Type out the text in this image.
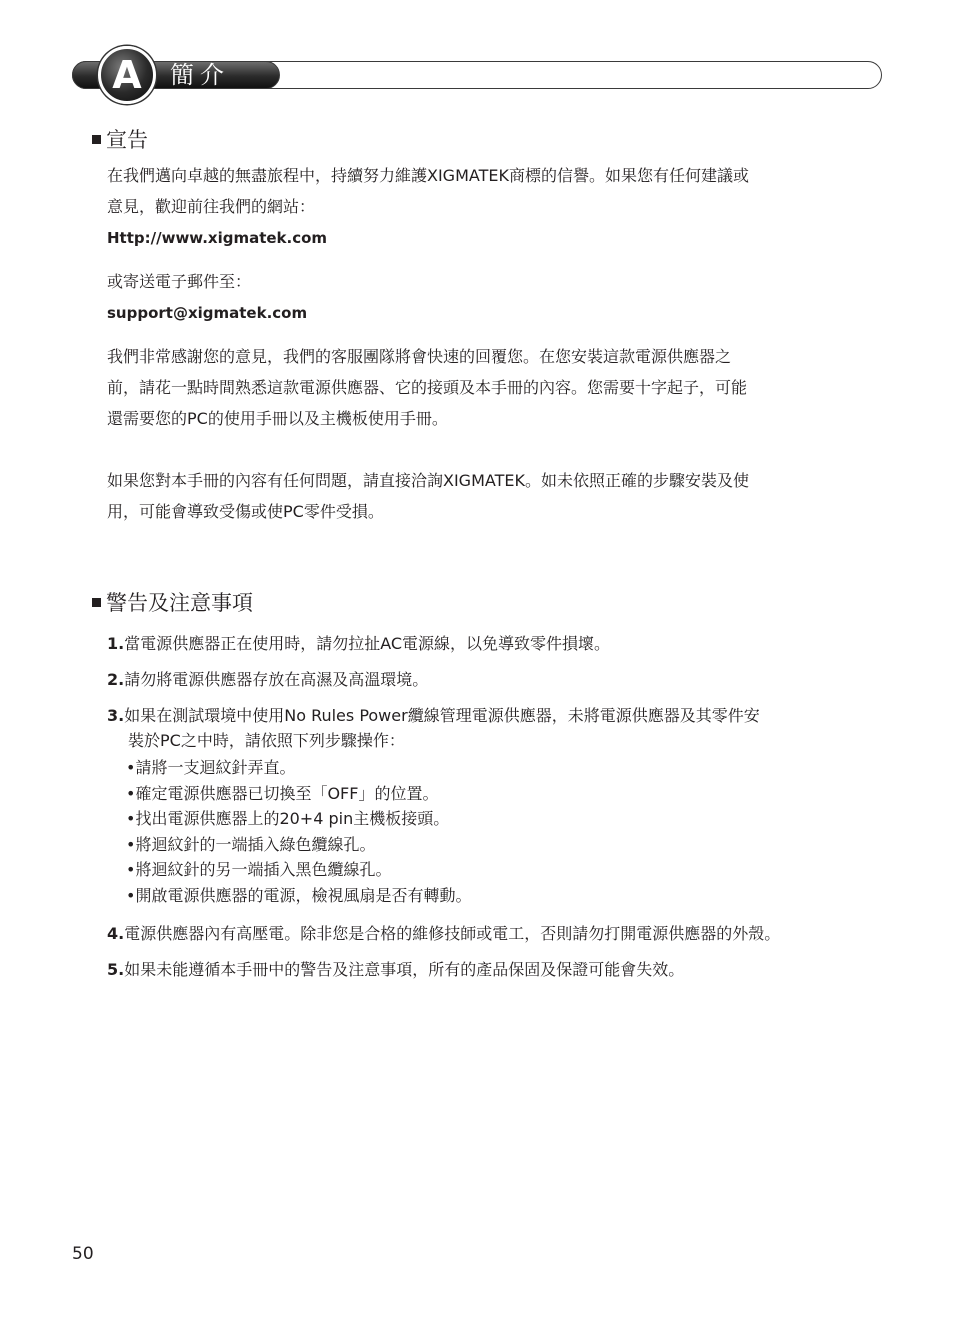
A	簡介
宣告
在我們邁向卓越的無盡旅程中，持續努力維護XIGMATEK商標的信譽。如果您有任何建議或
意見，歡迎前往我們的網站：
Http://www.xigmatek.com
或寄送電子郵件至：
support@xigmatek.com
我們非常感謝您的意見，我們的客服團隊將會快速的回覆您。在您安裝這款電源供應器之
前，請花一點時間熟悉這款電源供應器、它的接頭及本手冊的內容。您需要十字起子，可能
還需要您的PC的使用手冊以及主機板使用手冊。
如果您對本手冊的內容有任何問題，請直接洽詢XIGMATEK。如未依照正確的步驟安裝及使
用，可能會導致受傷或使PC零件受損。
警告及注意事項
1.當電源供應器正在使用時，請勿拉扯AC電源線，以免導致零件損壞。
2.請勿將電源供應器存放在高濕及高溫環境。
3.如果在測試環境中使用No Rules Power纜線管理電源供應器，未將電源供應器及其零件安
裝於PC之中時，請依照下列步驟操作：
•請將一支迴紋針弄直。
•確定電源供應器已切換至「OFF」的位置。
•找出電源供應器上的20+4 pin主機板接頭。
•將迴紋針的一端插入綠色纜線孔。
•將迴紋針的另一端插入黑色纜線孔。
•開啟電源供應器的電源，檢視風扇是否有轉動。
4.電源供應器內有高壓電。除非您是合格的維修技師或電工，否則請勿打開電源供應器的外殼。
5.如果未能遵循本手冊中的警告及注意事項，所有的產品保固及保證可能會失效。
50
